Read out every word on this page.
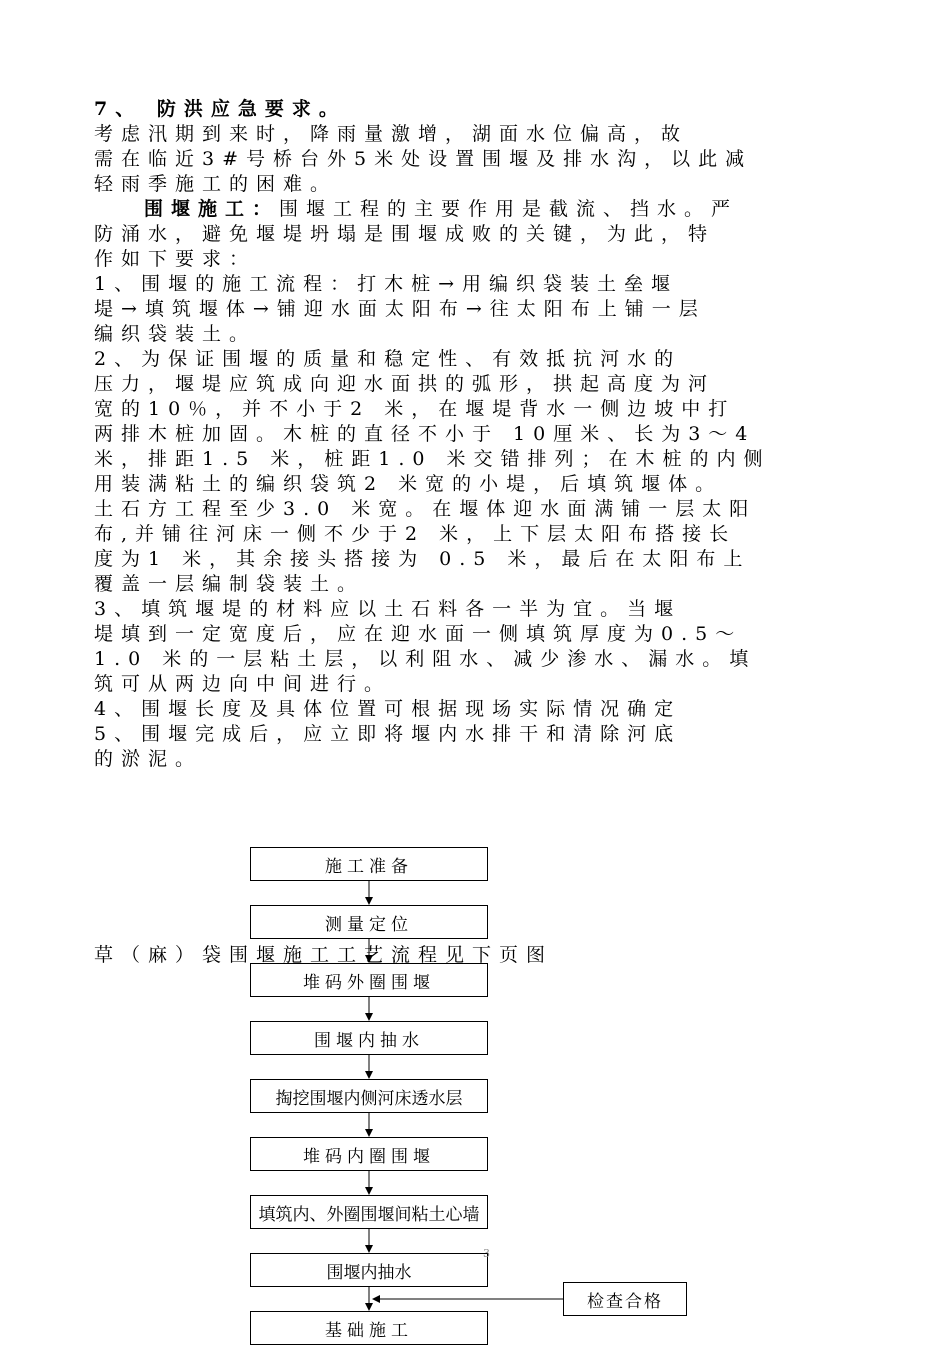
7、 防洪应急要求。
考虑汛期到来时，降雨量激增，湖面水位偏高，故
需在临近3#号桥台外5米处设置围堰及排水沟，以此减
轻雨季施工的困难。
围堰施工：围堰工程的主要作用是截流、挡水。严
防涌水，避免堰堤坍塌是围堰成败的关键，为此，特
作如下要求：
1、围堰的施工流程：打木桩→用编织袋装土垒堰
堤→填筑堰体→铺迎水面太阳布→往太阳布上铺一层
编织袋装土。
2、为保证围堰的质量和稳定性、有效抵抗河水的
压力，堰堤应筑成向迎水面拱的弧形，拱起高度为河
宽的10％，并不小于2 米，在堰堤背水一侧边坡中打
两排木桩加固。木桩的直径不小于 10厘米、长为3～4
米，排距1.5 米，桩距1.0 米交错排列；在木桩的内侧
用装满粘土的编织袋筑2 米宽的小堤，后填筑堰体。
土石方工程至少3.0 米宽。在堰体迎水面满铺一层太阳
布,并铺往河床一侧不少于2 米，上下层太阳布搭接长
度为1 米，其余接头搭接为 0.5 米，最后在太阳布上
覆盖一层编制袋装土。
3、填筑堰堤的材料应以土石料各一半为宜。当堰
堤填到一定宽度后，应在迎水面一侧填筑厚度为0.5～
1.0 米的一层粘土层，以利阻水、减少渗水、漏水。填
筑可从两边向中间进行。
4、围堰长度及具体位置可根据现场实际情况确定
5、围堰完成后，应立即将堰内水排干和清除河底
的淤泥。
施工准备
测量定位
堆码外圈围堰
围堰内抽水
掏挖围堰内侧河床透水层
堆码内圈围堰
填筑内、外圈围堰间粘土心墙
围堰内抽水
基础施工
检查合格
草（麻）袋围堰施工工艺流程见下页图
3
